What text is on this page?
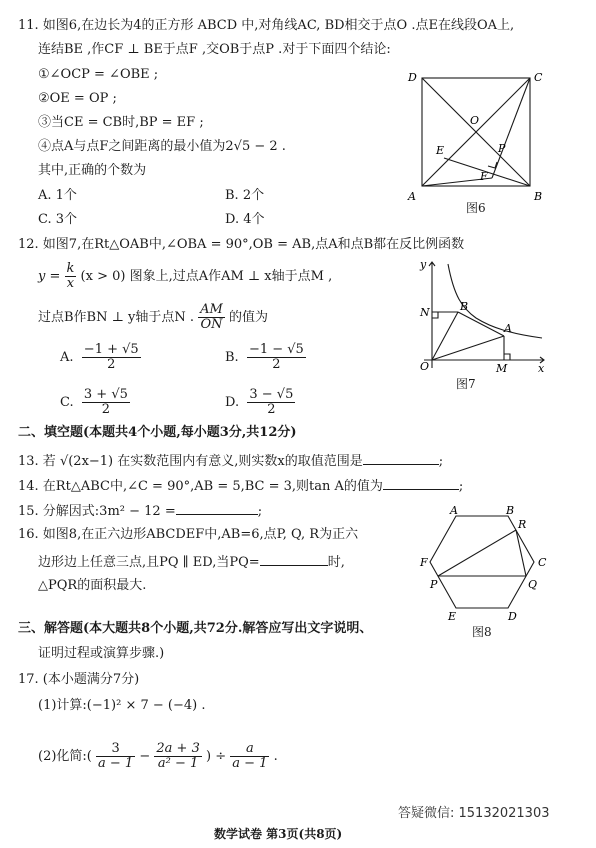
11. 如图6,在边长为4的正方形 ABCD 中,对角线AC, BD相交于点O .点E在线段OA上,
连结BE ,作CF ⊥ BE于点F ,交OB于点P .对于下面四个结论:
①∠OCP = ∠OBE ;
②OE = OP ;
③当CE = CB时,BP = EF ;
④点A与点F之间距离的最小值为2√5 − 2 .
其中,正确的个数为
A. 1个	B. 2个
C. 3个	D. 4个
D	C
A	B
O
E	P
F
图6
12. 如图7,在Rt△OAB中,∠OBA = 90°,OB = AB,点A和点B都在反比例函数
$y = \frac{k}{x} (x > 0)$ 图象上,过点A作AM ⊥ x轴于点M ,
过点B作BN ⊥ y轴于点N . $\frac{AM}{ON}$ 的值为
A. $\frac{-1 + √5}{2}$	B. $\frac{-1 - √5}{2}$
C. $\frac{3 + √5}{2}$	D. $\frac{3 - √5}{2}$
y
x
O
N	B
A
M
图7
二、填空题(本题共4个小题,每小题3分,共12分)
13. 若 √(2x−1) 在实数范围内有意义,则实数x的取值范围是	;
14. 在Rt△ABC中,∠C = 90°,AB = 5,BC = 3,则tan A的值为	;
15. 分解因式:3m² − 12 =	;
16. 如图8,在正六边形ABCDEF中,AB=6,点P, Q, R为正六
边形边上任意三点,且PQ ∥ ED,当PQ=	时,
△PQR的面积最大.
A	B
R
C
F
P	Q
E	D
图8
三、解答题(本大题共8个小题,共72分.解答应写出文字说明、
证明过程或演算步骤.)
17. (本小题满分7分)
(1)计算:(−1)² × 7 − (−4) .
(2)化简:( $\frac{3}{a - 1} - \frac{2a + 3}{\text{a² − 1}}$ ) ÷ $\frac{a}{a - 1}$ .
答疑微信: 15132021303
数学试卷 第3页(共8页)
